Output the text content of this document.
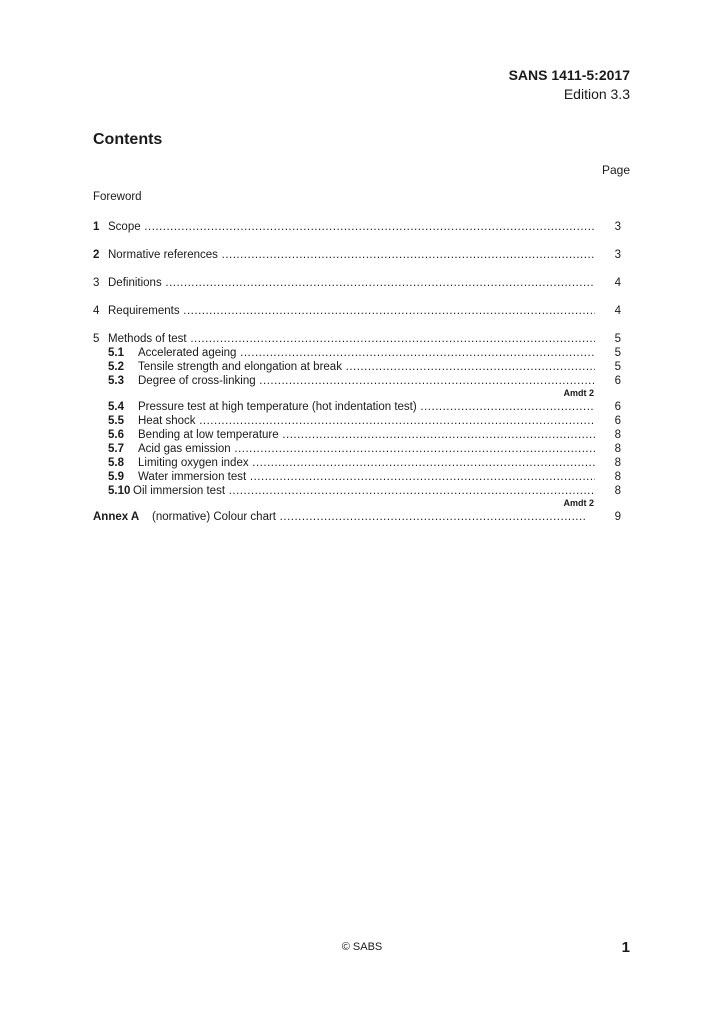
SANS 1411-5:2017
Edition 3.3
Contents
Page
Foreword
1 Scope .....	3
2 Normative references .....	3
3 Definitions .....	4
4 Requirements .....	4
5 Methods of test .....	5
5.1 Accelerated ageing .....	5
5.2 Tensile strength and elongation at break .....	5
5.3 Degree of cross-linking .....	6
Amdt 2
5.4 Pressure test at high temperature (hot indentation test) .....	6
5.5 Heat shock .....	6
5.6 Bending at low temperature .....	8
5.7 Acid gas emission .....	8
5.8 Limiting oxygen index .....	8
5.9 Water immersion test .....	8
5.10 Oil immersion test .....	8
Amdt 2
Annex A (normative) Colour chart .....	9
© SABS	1
